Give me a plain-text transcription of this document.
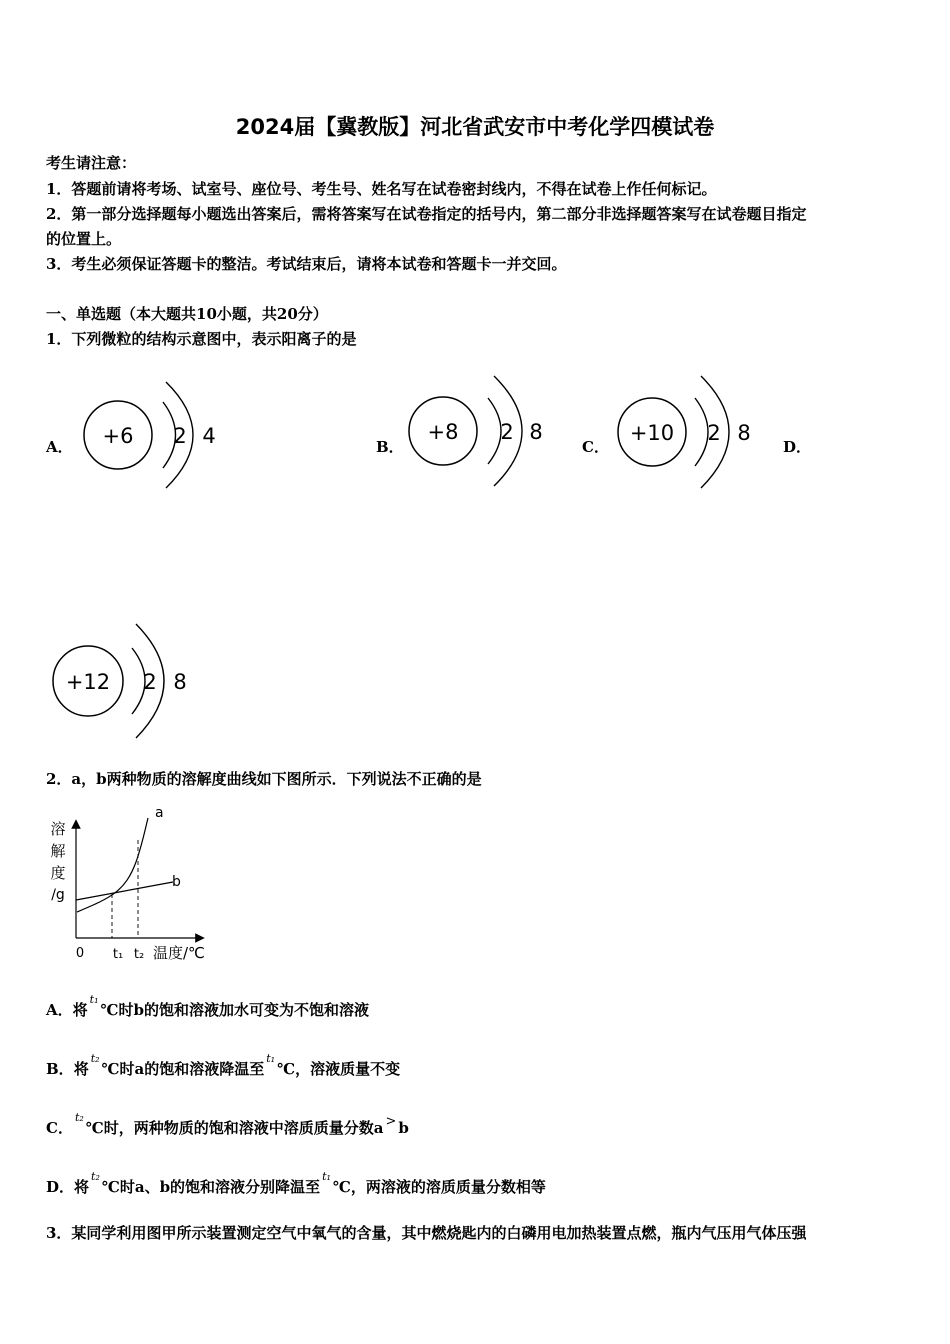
2024届【冀教版】河北省武安市中考化学四模试卷
考生请注意：
1．答题前请将考场、试室号、座位号、考生号、姓名写在试卷密封线内，不得在试卷上作任何标记。
2．第一部分选择题每小题选出答案后，需将答案写在试卷指定的括号内，第二部分非选择题答案写在试卷题目指定
的位置上。
3．考生必须保证答题卡的整洁。考试结束后，请将本试卷和答题卡一并交回。
一、单选题（本大题共10小题，共20分）
1．下列微粒的结构示意图中，表示阳离子的是
A．	B．	C．	D．
+6 2 4	+8 2 8	+10 2 8
+12 2 8
2．a，b两种物质的溶解度曲线如下图所示．下列说法不正确的是
溶
解
度
/g
a
b
0 t₁ t₂ 温度/℃
A．将$^{t_1}$℃时b的饱和溶液加水可变为不饱和溶液
B．将$^{t_2}$℃时a的饱和溶液降温至$^{t_1}$℃，溶液质量不变
C．$^{t_2}$℃时，两种物质的饱和溶液中溶质质量分数a > b
D．将$^{t_2}$℃时a、b的饱和溶液分别降温至$^{t_1}$℃，两溶液的溶质质量分数相等
3．某同学利用图甲所示装置测定空气中氧气的含量，其中燃烧匙内的白磷用电加热装置点燃，瓶内气压用气体压强
